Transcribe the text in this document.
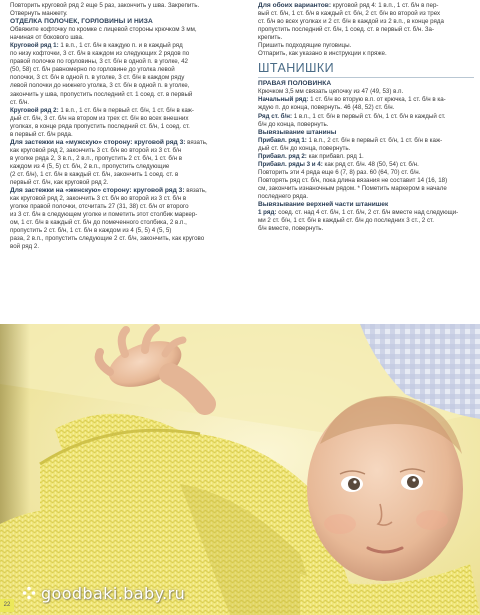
Повторить круговой ряд 2 еще 5 раз, закончить у шва. Закрепить.
Отвернуть манжету.

ОТДЕЛКА ПОЛОЧЕК, ГОРЛОВИНЫ И НИЗА

Обвяжите кофточку по кромке с лицевой стороны крючком 3 мм,
начиная от бокового шва.

Круговой ряд 1: 1 в.п., 1 ст. б/н в каждую п. и в каждый ряд
по низу кофточки, 3 ст. б/н в каждом из следующих 2 рядов по
правой полочке по горловины, 3 ст. б/н в одной п. в уголке, 42
(50, 58) ст. б/н равномерно по горловине до уголка левой
полочки, 3 ст. б/н в одной п. в уголке, 3 ст. б/н в каждом ряду
левой полочки до нижнего уголка, 3 ст. б/н в одной п. в уголке,
закончить у шва, пропустить последний ст. 1 соед. ст. в первый
ст. б/н.

Круговой ряд 2: 1 в.п., 1 ст. б/н в первый ст. б/н, 1 ст. б/н в каж-
дый ст. б/н, 3 ст. б/н на втором из трех ст. б/н во всех внешних
уголках, в конце ряда пропустить последний ст. б/н, 1 соед. ст.
в первый ст. б/н ряда.

Для застежки на «мужскую» сторону: круговой ряд 3: вязать,
как круговой ряд 2, закончить 3 ст. б/н во второй из 3 ст. б/н
в уголке ряда 2, 3 в.п., 2 в.п., пропустить 2 ст. б/н, 1 ст. б/н в
каждом из 4 (5, 5) ст. б/н, 2 в.п., пропустить следующие
(2 ст. б/н), 1 ст. б/н в каждый ст. б/н, закончить 1 соед. ст. в
первый ст. б/н, как круговой ряд 2.

Для застежки на «женскую» сторону: круговой ряд 3: вязать,
как круговой ряд 2, закончить 3 ст. б/н во второй из 3 ст. б/н в
уголке правой полочки, отсчитать 27 (31, 38) ст. б/н от второго
из 3 ст. б/н в следующем уголке и пометить этот столбик маркер-
ом, 1 ст. б/н в каждый ст. б/н до помеченного столбика, 2 в.п.,
пропустить 2 ст. б/н, 1 ст. б/н в каждом из 4 (5, 5) 4 (5, 5)
раза, 2 в.п., пропустить следующие 2 ст. б/н, закончить, как кругово
вой ряд 2.

Для обоих вариантов: круговой ряд 4: 1 в.п., 1 ст. б/н в пер-
вый ст. б/н, 1 ст. б/н в каждый ст. б/н, 2 ст. б/н во второй из трех
ст. б/н во всех уголках и 2 ст. б/н в каждой из 2 в.п., в конце ряда
пропустить последний ст. б/н, 1 соед. ст. в первый ст. б/н. За-
крепить.
Пришить подходящие пуговицы.
Отпарить, как указано в инструкции к пряже.

ШТАНИШКИ

ПРАВАЯ ПОЛОВИНКА

Крючком 3,5 мм связать цепочку из 47 (49, 53) в.п.

Начальный ряд: 1 ст. б/н во вторую в.п. от крючка, 1 ст. б/н в ка-
ждую п. до конца, повернуть. 46 (48, 52) ст. б/н.

Ряд ст. б/н: 1 в.п., 1 ст. б/н в первый ст. б/н, 1 ст. б/н в каждый ст.
б/н до конца, повернуть.

Вывязывание штанины

Прибавл. ряд 1: 1 в.п., 2 ст. б/н в первый ст. б/н, 1 ст. б/н в каж-
дый ст. б/н до конца, повернуть.

Прибавл. ряд 2: как прибавл. ряд 1.

Прибавл. ряды 3 и 4: как ряд ст. б/н. 48 (50, 54) ст. б/н.

Повторить эти 4 ряда еще 6 (7, 8) раз. 60 (64, 70) ст. б/н.
Повторять ряд ст. б/н, пока длина вязания не составит 14 (16, 18)
см, закончить изнаночным рядом. * Пометить маркером в начале
последнего ряда.

Вывязывание верхней части штанишек

1 ряд: соед. ст. над 4 ст. б/н, 1 ст. б/н, 2 ст. б/н вместе над следующи-
ми 2 ст. б/н, 1 ст. б/н в каждый ст. б/н до последних 3 ст., 2 ст.
б/н вместе, повернуть.

22
goodbaki.baby.ru
